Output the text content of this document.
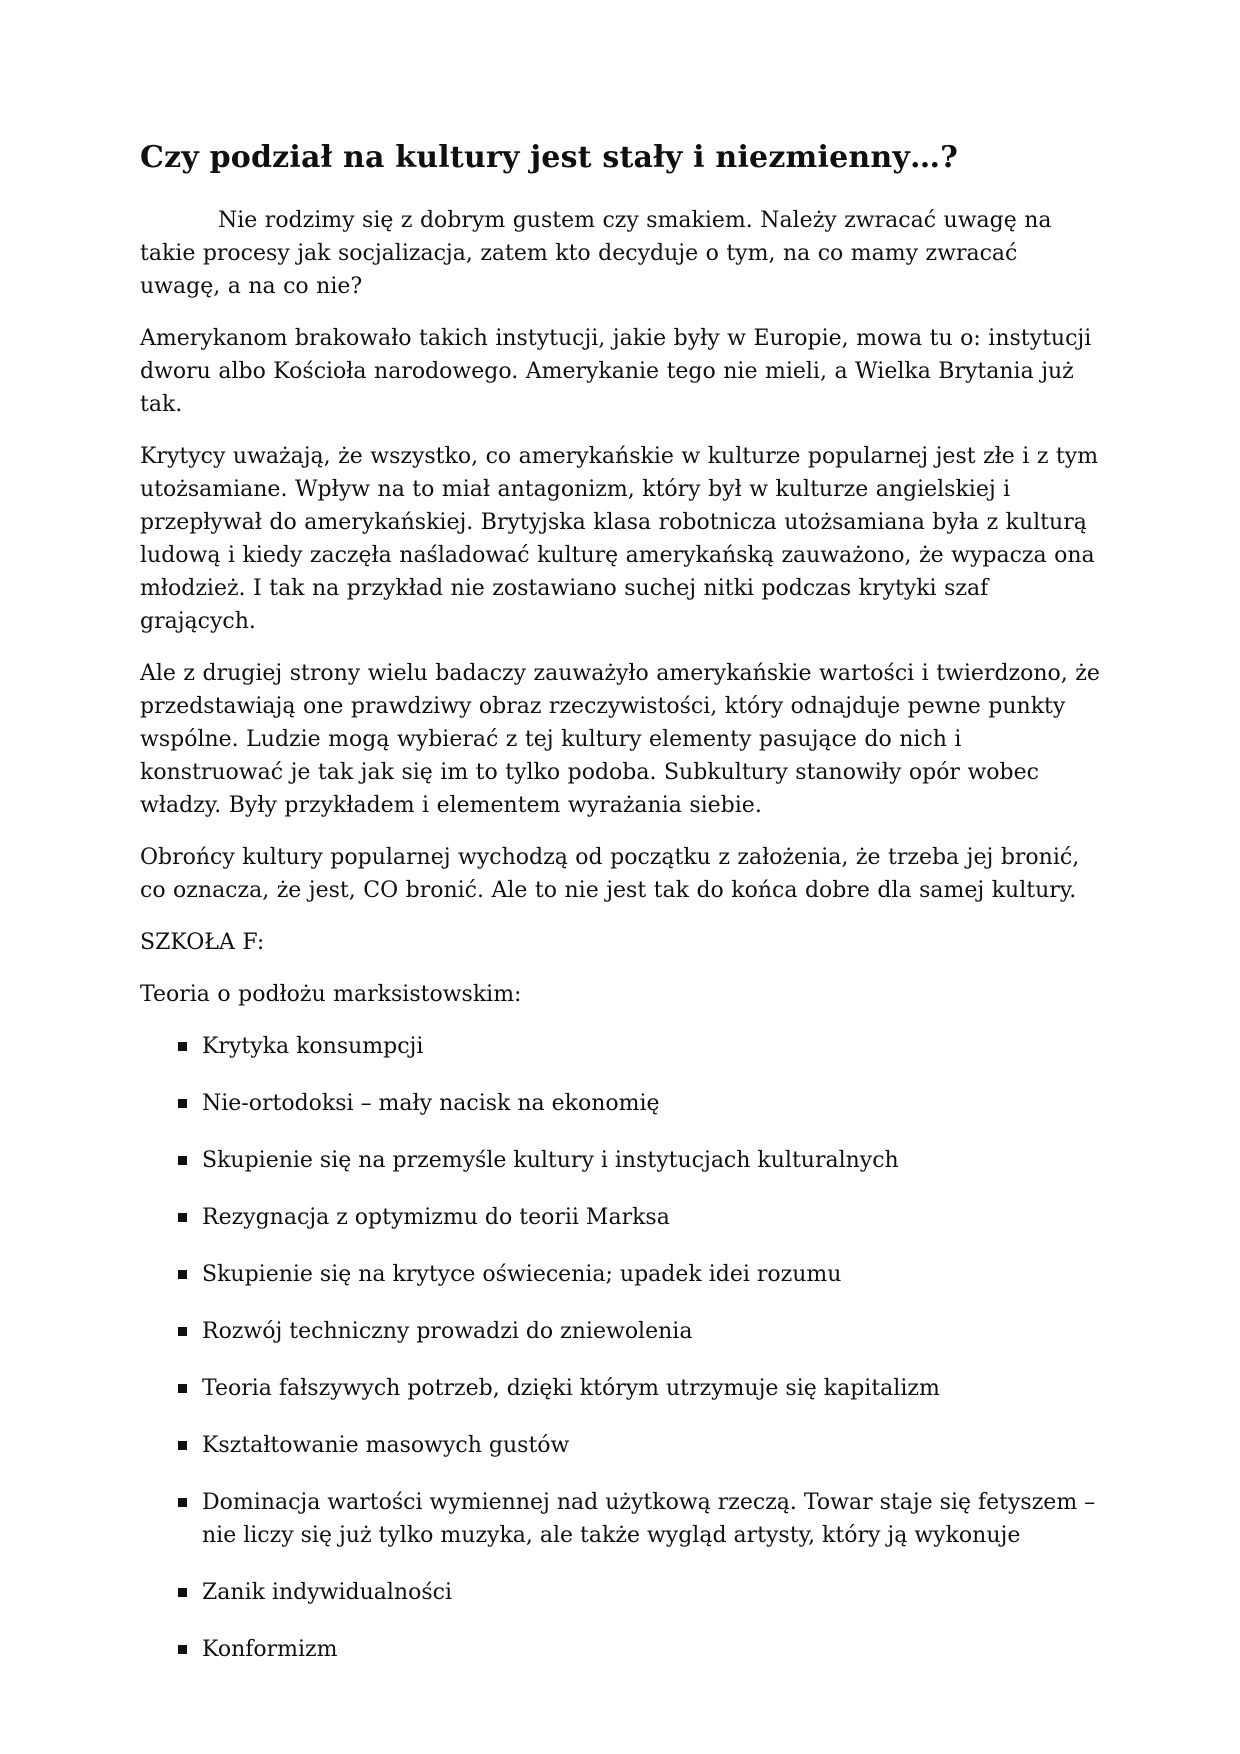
Czy podział na kultury jest stały i niezmienny…?

Nie rodzimy się z dobrym gustem czy smakiem. Należy zwracać uwagę na takie procesy jak socjalizacja, zatem kto decyduje o tym, na co mamy zwracać uwagę, a na co nie?

Amerykanom brakowało takich instytucji, jakie były w Europie, mowa tu o: instytucji dworu albo Kościoła narodowego. Amerykanie tego nie mieli, a Wielka Brytania już tak.

Krytycy uważają, że wszystko, co amerykańskie w kulturze popularnej jest złe i z tym utożsamiane. Wpływ na to miał antagonizm, który był w kulturze angielskiej i przepływał do amerykańskiej. Brytyjska klasa robotnicza utożsamiana była z kulturą ludową i kiedy zaczęła naśladować kulturę amerykańską zauważono, że wypacza ona młodzież. I tak na przykład nie zostawiano suchej nitki podczas krytyki szaf grających.

Ale z drugiej strony wielu badaczy zauważyło amerykańskie wartości i twierdzono, że przedstawiają one prawdziwy obraz rzeczywistości, który odnajduje pewne punkty wspólne. Ludzie mogą wybierać z tej kultury elementy pasujące do nich i konstruować je tak jak się im to tylko podoba. Subkultury stanowiły opór wobec władzy. Były przykładem i elementem wyrażania siebie.

Obrońcy kultury popularnej wychodzą od początku z założenia, że trzeba jej bronić, co oznacza, że jest, CO bronić. Ale to nie jest tak do końca dobre dla samej kultury.

SZKOŁA F:

Teoria o podłożu marksistowskim:

Krytyka konsumpcji
Nie-ortodoksi – mały nacisk na ekonomię
Skupienie się na przemyśle kultury i instytucjach kulturalnych
Rezygnacja z optymizmu do teorii Marksa
Skupienie się na krytyce oświecenia; upadek idei rozumu
Rozwój techniczny prowadzi do zniewolenia
Teoria fałszywych potrzeb, dzięki którym utrzymuje się kapitalizm
Kształtowanie masowych gustów
Dominacja wartości wymiennej nad użytkową rzeczą. Towar staje się fetyszem – nie liczy się już tylko muzyka, ale także wygląd artysty, który ją wykonuje
Zanik indywidualności
Konformizm
